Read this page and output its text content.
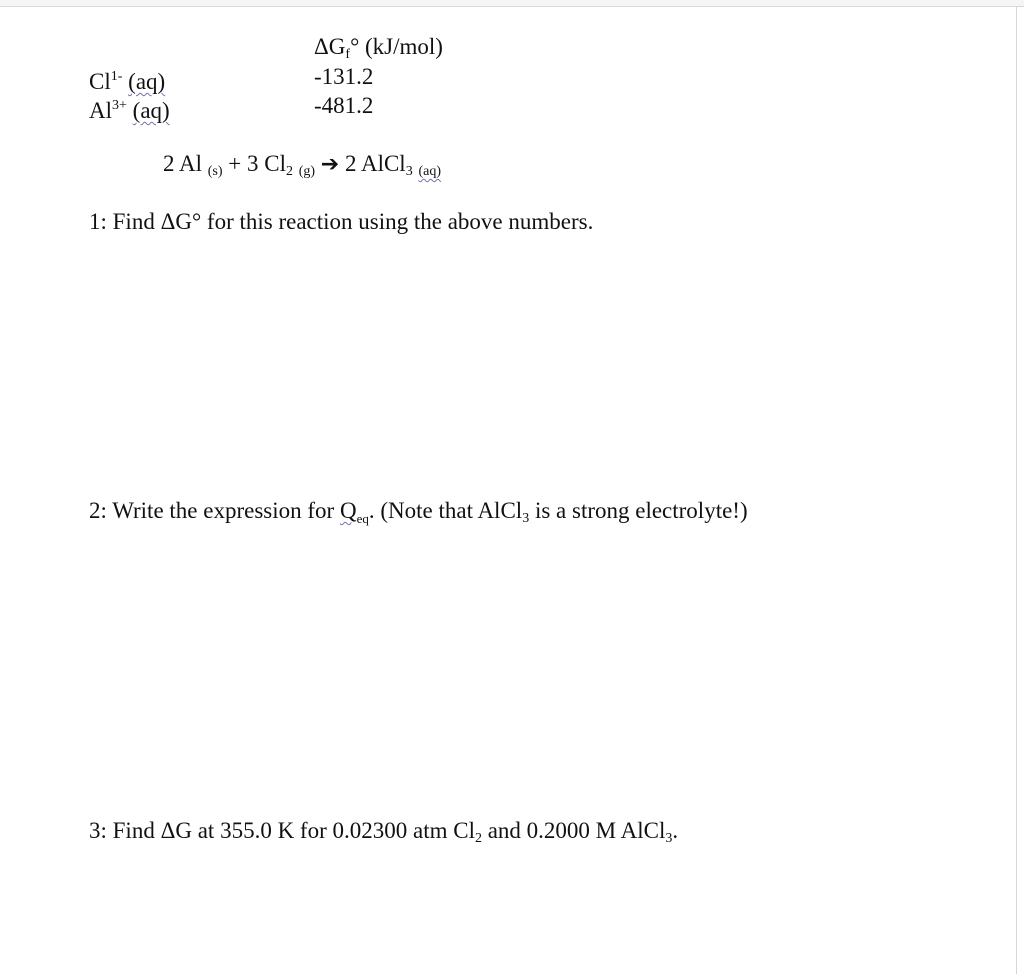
$\Delta G_f^\circ$ (kJ/mol)
$Cl^{1-}$ (aq)	-131.2
$Al^{3+}$ (aq)	-481.2
2 Al $_{(s)}$ + 3 $Cl_2$ $_{(g)}$ ➔ 2 AlCl$_3$ $_{(aq)}$
1: Find ΔG° for this reaction using the above numbers.
2: Write the expression for $Q_{eq}$. (Note that AlCl$_3$ is a strong electrolyte!)
3: Find ΔG at 355.0 K for 0.02300 atm $Cl_2$ and 0.2000 M AlCl$_3$.
